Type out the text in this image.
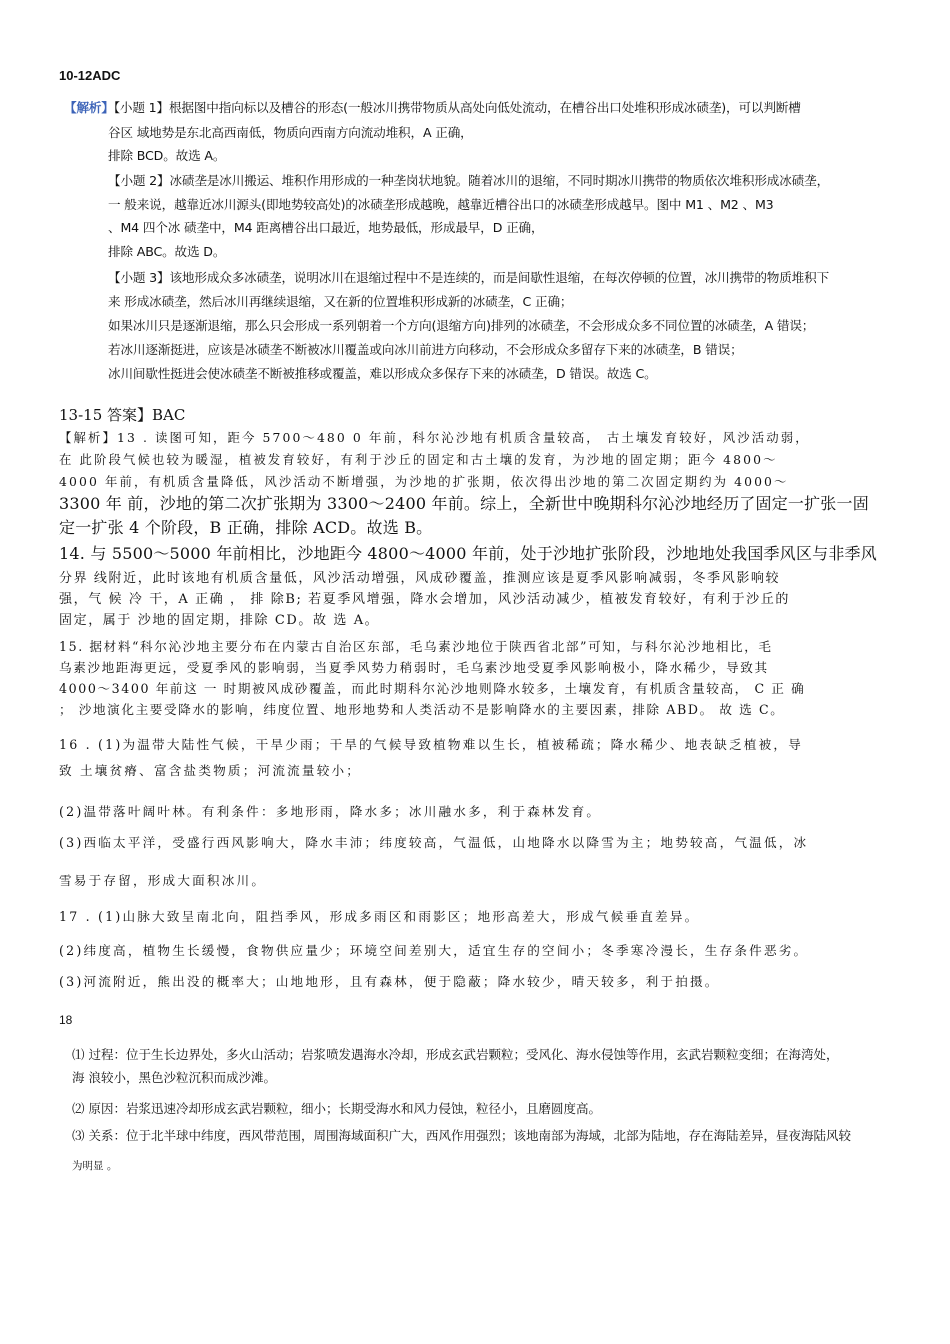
10-12ADC
【解析】【小题 1】根据图中指向标以及槽谷的形态(一般冰川携带物质从高处向低处流动，在槽谷出口处堆积形成冰碛垄)，可以判断槽
谷区 域地势是东北高西南低，物质向西南方向流动堆积，A 正确，
排除 BCD。故选 A。
【小题 2】冰碛垄是冰川搬运、堆积作用形成的一种垄岗状地貌。随着冰川的退缩，不同时期冰川携带的物质依次堆积形成冰碛垄，
一 般来说，越靠近冰川源头(即地势较高处)的冰碛垄形成越晚，越靠近槽谷出口的冰碛垄形成越早。图中 M1 、M2 、M3
、M4 四个冰 碛垄中，M4 距离槽谷出口最近，地势最低，形成最早，D 正确，
排除 ABC。故选 D。
【小题 3】该地形成众多冰碛垄，说明冰川在退缩过程中不是连续的，而是间歇性退缩，在每次停顿的位置，冰川携带的物质堆积下
来 形成冰碛垄，然后冰川再继续退缩，又在新的位置堆积形成新的冰碛垄，C 正确；
如果冰川只是逐渐退缩，那么只会形成一系列朝着一个方向(退缩方向)排列的冰碛垄，不会形成众多不同位置的冰碛垄，A 错误；
若冰川逐渐挺进，应该是冰碛垄不断被冰川覆盖或向冰川前进方向移动，不会形成众多留存下来的冰碛垄，B 错误；
冰川间歇性挺进会使冰碛垄不断被推移或覆盖，难以形成众多保存下来的冰碛垄，D 错误。故选 C。
13-15 答案】BAC
【解析】13 . 读图可知，距今 5700～480 0 年前，科尔沁沙地有机质含量较高， 古土壤发育较好，风沙活动弱，
在 此阶段气候也较为暖湿，植被发育较好，有利于沙丘的固定和古土壤的发育，为沙地的固定期；距今 4800～
4000 年前，有机质含量降低，风沙活动不断增强，为沙地的扩张期，依次得出沙地的第二次固定期约为 4000～
3300 年 前，沙地的第二次扩张期为 3300～2400 年前。综上，全新世中晚期科尔沁沙地经历了固定一扩张一固
定一扩张 4 个阶段，B 正确，排除 ACD。故选 B。
14. 与 5500～5000 年前相比，沙地距今 4800～4000 年前，处于沙地扩张阶段，沙地地处我国季风区与非季风
分界 线附近，此时该地有机质含量低，风沙活动增强，风成砂覆盖，推测应该是夏季风影响减弱，冬季风影响较
强，气 候 冷 干，A 正确 ， 排 除B; 若夏季风增强，降水会增加，风沙活动减少，植被发育较好，有利于沙丘的
固定，属于 沙地的固定期，排除 CD。故 选 A。
15. 据材料“科尔沁沙地主要分布在内蒙古自治区东部，毛乌素沙地位于陕西省北部”可知，与科尔沁沙地相比，毛
乌素沙地距海更远，受夏季风的影响弱，当夏季风势力稍弱时，毛乌素沙地受夏季风影响极小，降水稀少，导致其
4000～3400 年前这 一 时期被风成砂覆盖，而此时期科尔沁沙地则降水较多，土壤发育，有机质含量较高， C 正 确
； 沙地演化主要受降水的影响，纬度位置、地形地势和人类活动不是影响降水的主要因素，排除 ABD。 故 选 C。
16 . (1)为温带大陆性气候，干旱少雨；干旱的气候导致植物难以生长，植被稀疏；降水稀少、地表缺乏植被，导
致 土壤贫瘠、富含盐类物质；河流流量较小；
(2)温带落叶阔叶林。有利条件：多地形雨，降水多；冰川融水多，利于森林发育。
(3)西临太平洋，受盛行西风影响大，降水丰沛；纬度较高，气温低，山地降水以降雪为主；地势较高，气温低，冰
雪易于存留，形成大面积冰川。
17 . (1)山脉大致呈南北向，阻挡季风，形成多雨区和雨影区；地形高差大，形成气候垂直差异。
(2)纬度高，植物生长缓慢，食物供应量少；环境空间差别大，适宜生存的空间小；冬季寒冷漫长，生存条件恶劣。
(3)河流附近，熊出没的概率大；山地地形，且有森林，便于隐蔽；降水较少，晴天较多，利于拍摄。
18
⑴ 过程：位于生长边界处，多火山活动；岩浆喷发遇海水冷却，形成玄武岩颗粒；受风化、海水侵蚀等作用，玄武岩颗粒变细；在海湾处，
海 浪较小，黑色沙粒沉积而成沙滩。
⑵ 原因：岩浆迅速冷却形成玄武岩颗粒，细小；长期受海水和风力侵蚀，粒径小，且磨圆度高。
⑶ 关系：位于北半球中纬度，西风带范围，周围海域面积广大，西风作用强烈；该地南部为海域，北部为陆地，存在海陆差异，昼夜海陆风较
为明显 。
